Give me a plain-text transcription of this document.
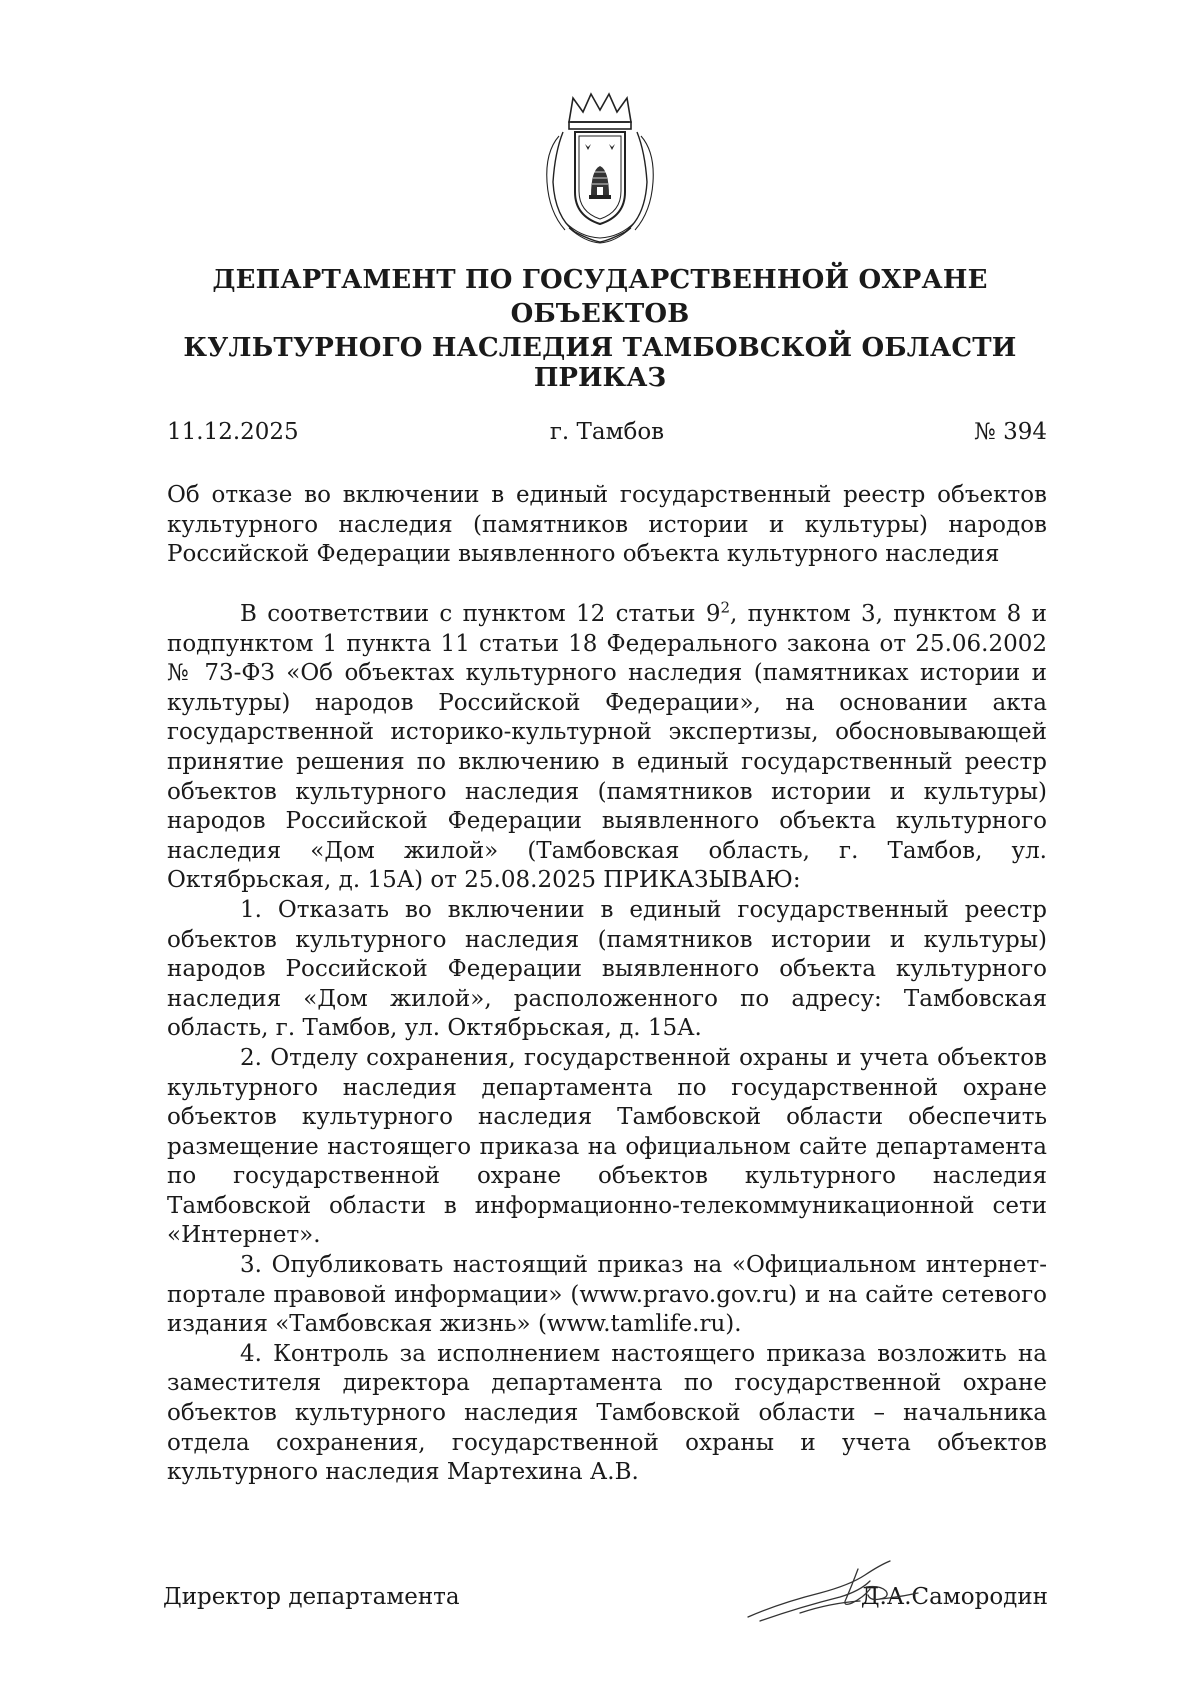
ДЕПАРТАМЕНТ ПО ГОСУДАРСТВЕННОЙ ОХРАНЕ ОБЪЕКТОВ
КУЛЬТУРНОГО НАСЛЕДИЯ ТАМБОВСКОЙ ОБЛАСТИ
ПРИКАЗ
11.12.2025	г. Тамбов	№ 394
Об отказе во включении в единый государственный реестр объектов культурного наследия (памятников истории и культуры) народов Российской Федерации выявленного объекта культурного наследия

В соответствии с пунктом 12 статьи $9^2$, пунктом 3, пунктом 8 и подпунктом 1 пункта 11 статьи 18 Федерального закона от 25.06.2002 № 73-ФЗ «Об объектах культурного наследия (памятниках истории и культуры) народов Российской Федерации», на основании акта государственной историко-культурной экспертизы, обосновывающей принятие решения по включению в единый государственный реестр объектов культурного наследия (памятников истории и культуры) народов Российской Федерации выявленного объекта культурного наследия «Дом жилой» (Тамбовская область, г. Тамбов, ул. Октябрьская, д. 15А) от 25.08.2025 ПРИКАЗЫВАЮ:

1. Отказать во включении в единый государственный реестр объектов культурного наследия (памятников истории и культуры) народов Российской Федерации выявленного объекта культурного наследия «Дом жилой», расположенного по адресу: Тамбовская область, г. Тамбов, ул. Октябрьская, д. 15А.

2. Отделу сохранения, государственной охраны и учета объектов культурного наследия департамента по государственной охране объектов культурного наследия Тамбовской области обеспечить размещение настоящего приказа на официальном сайте департамента по государственной охране объектов культурного наследия Тамбовской области в информационно-телекоммуникационной сети «Интернет».

3. Опубликовать настоящий приказ на «Официальном интернет-портале правовой информации» (www.pravo.gov.ru) и на сайте сетевого издания «Тамбовская жизнь» (www.tamlife.ru).

4. Контроль за исполнением настоящего приказа возложить на заместителя директора департамента по государственной охране объектов культурного наследия Тамбовской области – начальника отдела сохранения, государственной охраны и учета объектов культурного наследия Мартехина А.В.

Директор департамента	Д.А.Самородин
